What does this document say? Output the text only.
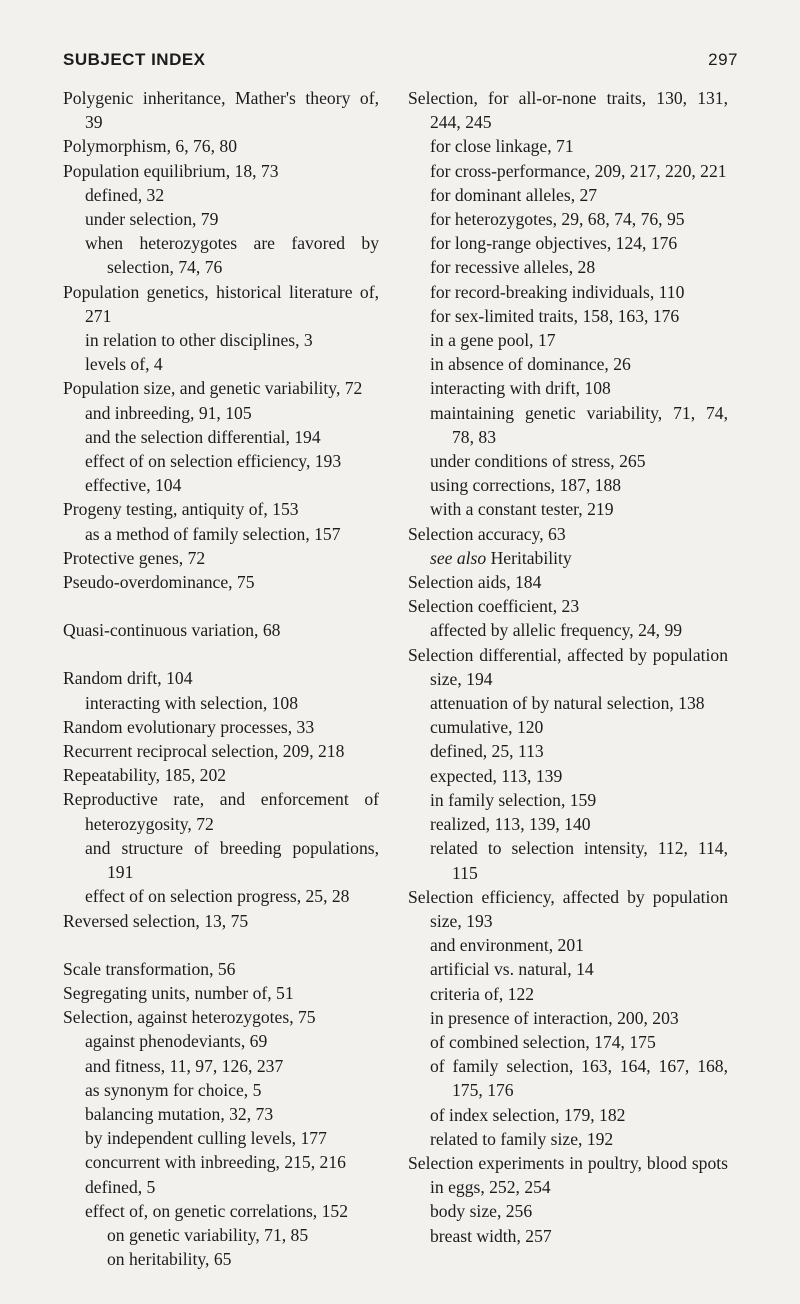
SUBJECT INDEX	297

Polygenic inheritance, Mather's theory of, 39

Polymorphism, 6, 76, 80

Population equilibrium, 18, 73

defined, 32

under selection, 79

when heterozygotes are favored by selection, 74, 76

Population genetics, historical literature of, 271

in relation to other disciplines, 3

levels of, 4

Population size, and genetic variability, 72

and inbreeding, 91, 105

and the selection differential, 194

effect of on selection efficiency, 193

effective, 104

Progeny testing, antiquity of, 153

as a method of family selection, 157

Protective genes, 72

Pseudo-overdominance, 75

Quasi-continuous variation, 68

Random drift, 104

interacting with selection, 108

Random evolutionary processes, 33

Recurrent reciprocal selection, 209, 218

Repeatability, 185, 202

Reproductive rate, and enforcement of heterozygosity, 72

and structure of breeding populations, 191

effect of on selection progress, 25, 28

Reversed selection, 13, 75

Scale transformation, 56

Segregating units, number of, 51

Selection, against heterozygotes, 75

against phenodeviants, 69

and fitness, 11, 97, 126, 237

as synonym for choice, 5

balancing mutation, 32, 73

by independent culling levels, 177

concurrent with inbreeding, 215, 216

defined, 5

effect of, on genetic correlations, 152

on genetic variability, 71, 85

on heritability, 65

Selection, for all-or-none traits, 130, 131, 244, 245

for close linkage, 71

for cross-performance, 209, 217, 220, 221

for dominant alleles, 27

for heterozygotes, 29, 68, 74, 76, 95

for long-range objectives, 124, 176

for recessive alleles, 28

for record-breaking individuals, 110

for sex-limited traits, 158, 163, 176

in a gene pool, 17

in absence of dominance, 26

interacting with drift, 108

maintaining genetic variability, 71, 74, 78, 83

under conditions of stress, 265

using corrections, 187, 188

with a constant tester, 219

Selection accuracy, 63

see also Heritability

Selection aids, 184

Selection coefficient, 23

affected by allelic frequency, 24, 99

Selection differential, affected by population size, 194

attenuation of by natural selection, 138

cumulative, 120

defined, 25, 113

expected, 113, 139

in family selection, 159

realized, 113, 139, 140

related to selection intensity, 112, 114, 115

Selection efficiency, affected by population size, 193

and environment, 201

artificial vs. natural, 14

criteria of, 122

in presence of interaction, 200, 203

of combined selection, 174, 175

of family selection, 163, 164, 167, 168, 175, 176

of index selection, 179, 182

related to family size, 192

Selection experiments in poultry, blood spots in eggs, 252, 254

body size, 256

breast width, 257
